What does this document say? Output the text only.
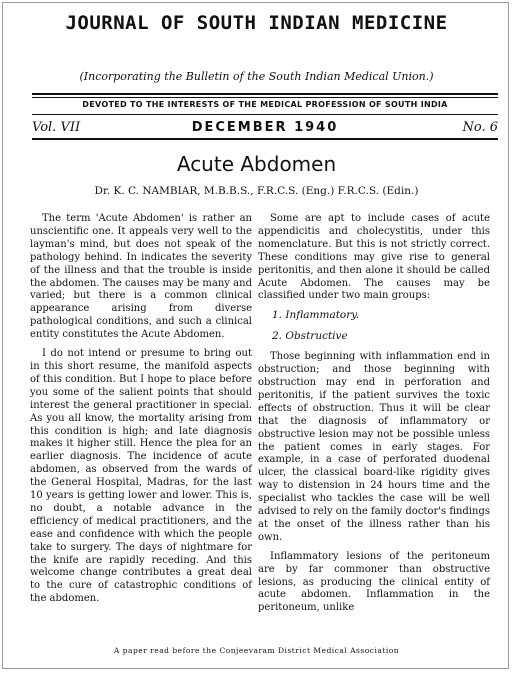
JOURNAL OF SOUTH INDIAN MEDICINE
(Incorporating the Bulletin of the South Indian Medical Union.)
DEVOTED TO THE INTERESTS OF THE MEDICAL PROFESSION OF SOUTH INDIA
Vol. VII	DECEMBER 1940	No. 6
Acute Abdomen
Dr. K. C. NAMBIAR, M.B.B.S., F.R.C.S. (Eng.) F.R.C.S. (Edin.)

The term 'Acute Abdomen' is rather an unscientific one. It appeals very well to the layman's mind, but does not speak of the pathology behind. In indicates the severity of the illness and that the trouble is inside the abdomen. The causes may be many and varied; but there is a common clinical appearance arising from diverse pathological conditions, and such a clinical entity constitutes the Acute Abdomen.

I do not intend or presume to bring out in this short resume, the manifold aspects of this condition. But I hope to place before you some of the salient points that should interest the general practitioner in special. As you all know, the mortality arising from this condition is high; and late diagnosis makes it higher still. Hence the plea for an earlier diagnosis. The incidence of acute abdomen, as observed from the wards of the General Hospital, Madras, for the last 10 years is getting lower and lower. This is, no doubt, a notable advance in the efficiency of medical practitioners, and the ease and confidence with which the people take to surgery. The days of nightmare for the knife are rapidly receding. And this welcome change contributes a great deal to the cure of catastrophic conditions of the abdomen.

Some are apt to include cases of acute appendicitis and cholecystitis, under this nomenclature. But this is not strictly correct. These conditions may give rise to general peritonitis, and then alone it should be called Acute Abdomen. The causes may be classified under two main groups:

1. Inflammatory.

2. Obstructive

Those beginning with inflammation end in obstruction; and those beginning with obstruction may end in perforation and peritonitis, if the patient survives the toxic effects of obstruction. Thus it will be clear that the diagnosis of inflammatory or obstructive lesion may not be possible unless the patient comes in early stages. For example, in a case of perforated duodenal ulcer, the classical board-like rigidity gives way to distension in 24 hours time and the specialist who tackles the case will be well advised to rely on the family doctor's findings at the onset of the illness rather than his own.

Inflammatory lesions of the peritoneum are by far commoner than obstructive lesions, as producing the clinical entity of acute abdomen. Inflammation in the peritoneum, unlike

A paper read before the Conjeevaram District Medical Association
